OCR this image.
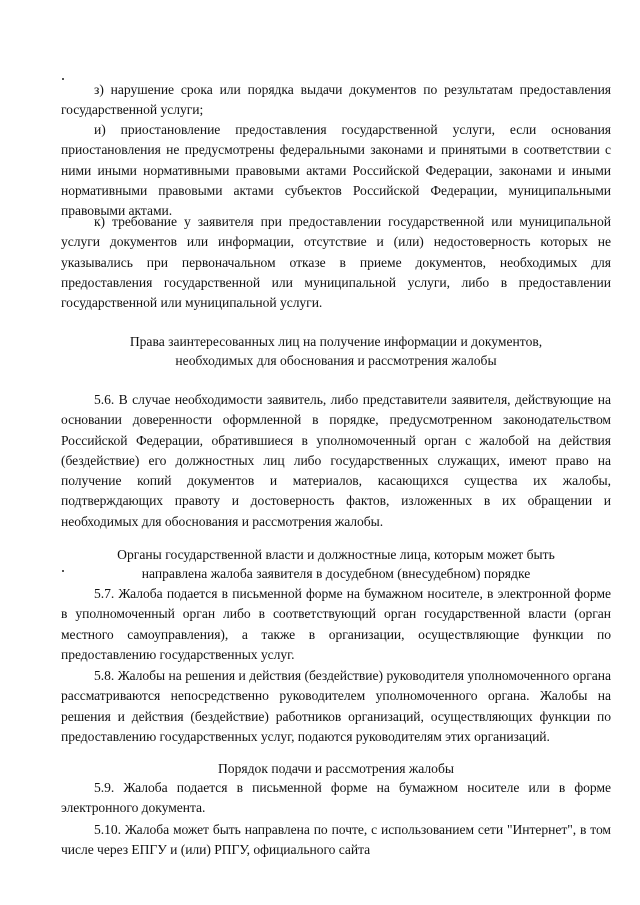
з) нарушение срока или порядка выдачи документов по результатам предоставления государственной услуги;

и) приостановление предоставления государственной услуги, если основания приостановления не предусмотрены федеральными законами и принятыми в соответствии с ними иными нормативными правовыми актами Российской Федерации, законами и иными нормативными правовыми актами субъектов Российской Федерации, муниципальными правовыми актами.

к) требование у заявителя при предоставлении государственной или муниципальной услуги документов или информации, отсутствие и (или) недостоверность которых не указывались при первоначальном отказе в приеме документов, необходимых для предоставления государственной или муниципальной услуги, либо в предоставлении государственной или муниципальной услуги.

Права заинтересованных лиц на получение информации и документов,
необходимых для обоснования и рассмотрения жалобы

5.6. В случае необходимости заявитель, либо представители заявителя, действующие на основании доверенности оформленной в порядке, предусмотренном законодательством Российской Федерации, обратившиеся в уполномоченный орган с жалобой на действия (бездействие) его должностных лиц либо государственных служащих, имеют право на получение копий документов и материалов, касающихся существа их жалобы, подтверждающих правоту и достоверность фактов, изложенных в их обращении и необходимых для обоснования и рассмотрения жалобы.

Органы государственной власти и должностные лица, которым может быть
направлена жалоба заявителя в досудебном (внесудебном) порядке

5.7. Жалоба подается в письменной форме на бумажном носителе, в электронной форме в уполномоченный орган либо в соответствующий орган государственной власти (орган местного самоуправления), а также в организации, осуществляющие функции по предоставлению государственных услуг.

5.8. Жалобы на решения и действия (бездействие) руководителя уполномоченного органа рассматриваются непосредственно руководителем уполномоченного органа. Жалобы на решения и действия (бездействие) работников организаций, осуществляющих функции по предоставлению государственных услуг, подаются руководителям этих организаций.

Порядок подачи и рассмотрения жалобы

5.9. Жалоба подается в письменной форме на бумажном носителе или в форме электронного документа.

5.10. Жалоба может быть направлена по почте, с использованием сети "Интернет", в том числе через ЕПГУ и (или) РПГУ, официального сайта
